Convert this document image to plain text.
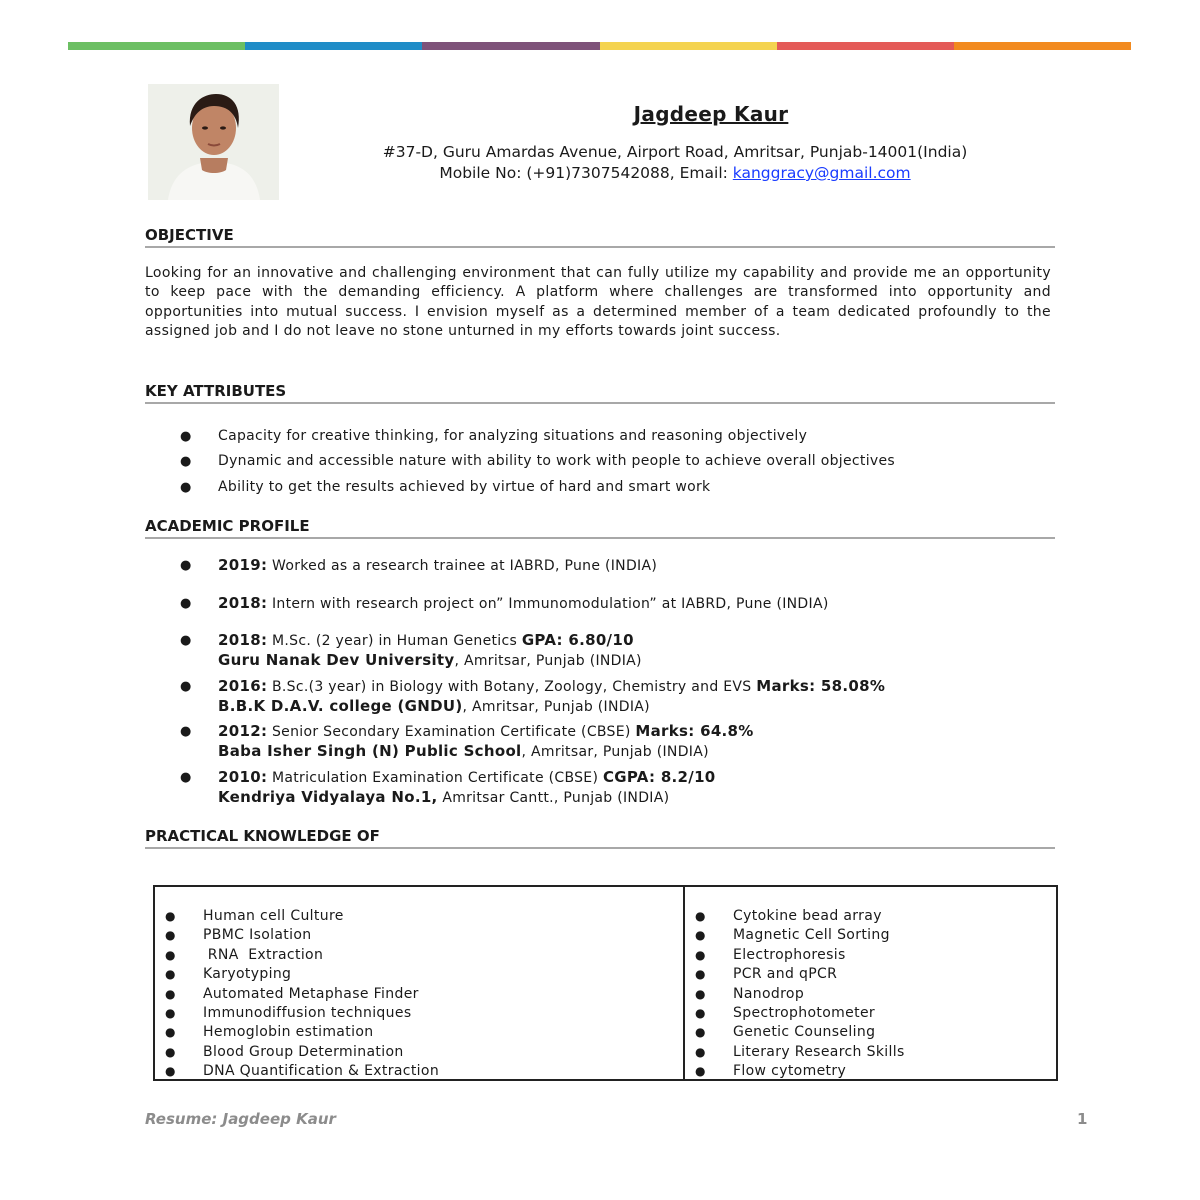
Jagdeep Kaur
#37-D, Guru Amardas Avenue, Airport Road, Amritsar, Punjab-14001(India)
Mobile No: (+91)7307542088, Email: kanggracy@gmail.com
OBJECTIVE
Looking for an innovative and challenging environment that can fully utilize my capability and provide me an opportunity to keep pace with the demanding efficiency. A platform where challenges are transformed into opportunity and opportunities into mutual success. I envision myself as a determined member of a team dedicated profoundly to the assigned job and I do not leave no stone unturned in my efforts towards joint success.
KEY ATTRIBUTES
● Capacity for creative thinking, for analyzing situations and reasoning objectively
● Dynamic and accessible nature with ability to work with people to achieve overall objectives
● Ability to get the results achieved by virtue of hard and smart work
ACADEMIC PROFILE
●	2019: Worked as a research trainee at IABRD, Pune (INDIA)
●	2018: Intern with research project on” Immunomodulation” at IABRD, Pune (INDIA)
●	2018: M.Sc. (2 year) in Human Genetics GPA: 6.80/10
Guru Nanak Dev University, Amritsar, Punjab (INDIA)
●	2016: B.Sc.(3 year) in Biology with Botany, Zoology, Chemistry and EVS Marks: 58.08%
B.B.K D.A.V. college (GNDU), Amritsar, Punjab (INDIA)
●	2012: Senior Secondary Examination Certificate (CBSE) Marks: 64.8%
Baba Isher Singh (N) Public School, Amritsar, Punjab (INDIA)
●	2010: Matriculation Examination Certificate (CBSE) CGPA: 8.2/10
Kendriya Vidyalaya No.1, Amritsar Cantt., Punjab (INDIA)
PRACTICAL KNOWLEDGE OF
● Human cell Culture
● PBMC Isolation
● RNA  Extraction
● Karyotyping
● Automated Metaphase Finder
● Immunodiffusion techniques
● Hemoglobin estimation
● Blood Group Determination
● DNA Quantification & Extraction
● Cytokine bead array
● Magnetic Cell Sorting
● Electrophoresis
● PCR and qPCR
● Nanodrop
● Spectrophotometer
● Genetic Counseling
● Literary Research Skills
● Flow cytometry
Resume: Jagdeep Kaur	1
